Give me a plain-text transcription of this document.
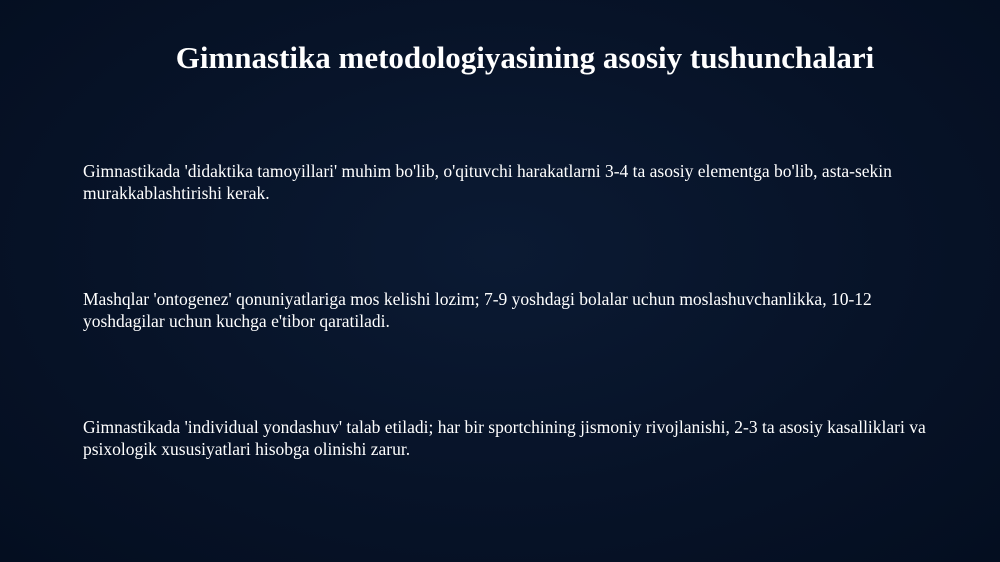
Gimnastika metodologiyasining asosiy tushunchalari
Gimnastikada 'didaktika tamoyillari' muhim bo'lib, o'qituvchi harakatlarni 3-4 ta asosiy elementga bo'lib, asta-sekin murakkablashtirishi kerak.
Mashqlar 'ontogenez' qonuniyatlariga mos kelishi lozim; 7-9 yoshdagi bolalar uchun moslashuvchanlikka, 10-12 yoshdagilar uchun kuchga e'tibor qaratiladi.
Gimnastikada 'individual yondashuv' talab etiladi; har bir sportchining jismoniy rivojlanishi, 2-3 ta asosiy kasalliklari va psixologik xususiyatlari hisobga olinishi zarur.
